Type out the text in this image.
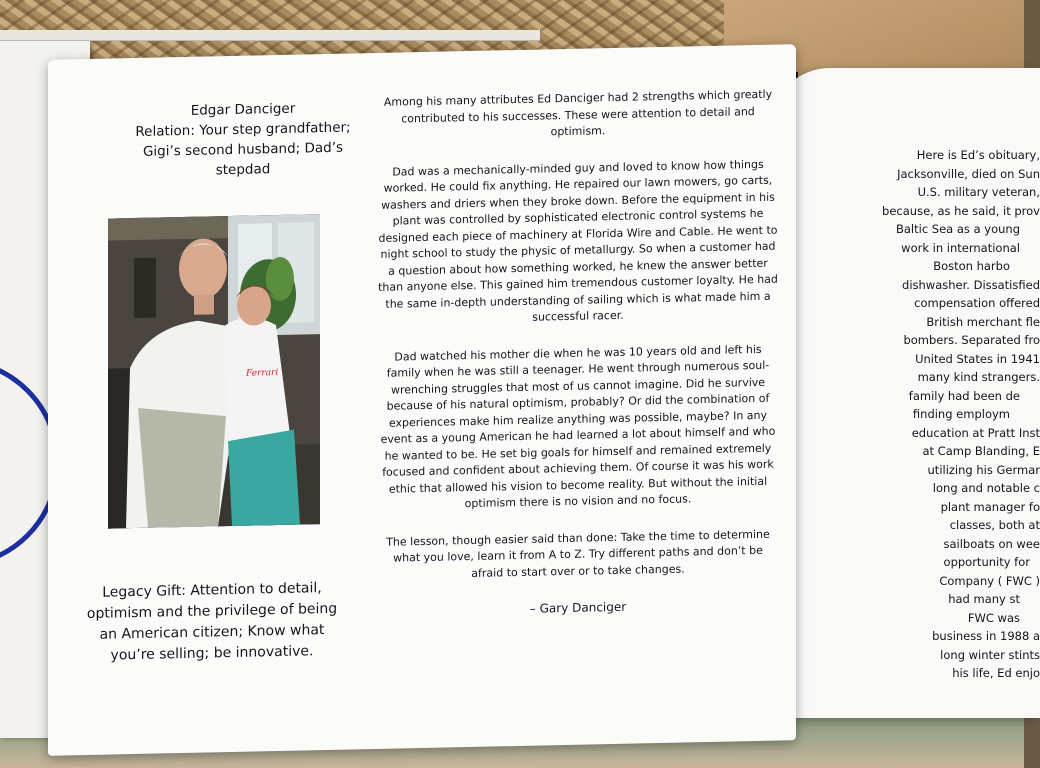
Here is Ed’s obituary,
Jacksonville, died on Sun
U.S. military veteran,
because, as he said, it prov
Baltic Sea as a young
work in international
Boston harbo
dishwasher. Dissatisfied
compensation offered
British merchant fle
bombers. Separated fro
United States in 1941
many kind strangers.
family had been de
finding employm
education at Pratt Inst
at Camp Blanding, E
utilizing his Germar
long and notable c
plant manager fo
classes, both at
sailboats on wee
opportunity for
Company ( FWC )
had many st
FWC was
business in 1988 a
long winter stints
his life, Ed enjo
Edgar Danciger
Relation: Your step grandfather;
Gigi’s second husband; Dad’s
stepdad
Ferrari
Legacy Gift: Attention to detail,
optimism and the privilege of being
an American citizen; Know what
you’re selling; be innovative.

Among his many attributes Ed Danciger had 2 strengths which greatly contributed to his successes. These were attention to detail and optimism.

Dad was a mechanically-minded guy and loved to know how things worked. He could fix anything. He repaired our lawn mowers, go carts, washers and driers when they broke down. Before the equipment in his plant was controlled by sophisticated electronic control systems he designed each piece of machinery at Florida Wire and Cable. He went to night school to study the physic of metallurgy. So when a customer had a question about how something worked, he knew the answer better than anyone else. This gained him tremendous customer loyalty. He had the same in-depth understanding of sailing which is what made him a successful racer.

Dad watched his mother die when he was 10 years old and left his family when he was still a teenager. He went through numerous soul-wrenching struggles that most of us cannot imagine. Did he survive because of his natural optimism, probably? Or did the combination of experiences make him realize anything was possible, maybe? In any event as a young American he had learned a lot about himself and who he wanted to be. He set big goals for himself and remained extremely focused and confident about achieving them. Of course it was his work ethic that allowed his vision to become reality. But without the initial optimism there is no vision and no focus.

The lesson, though easier said than done: Take the time to determine what you love, learn it from A to Z. Try different paths and don’t be afraid to start over or to take changes.

– Gary Danciger
